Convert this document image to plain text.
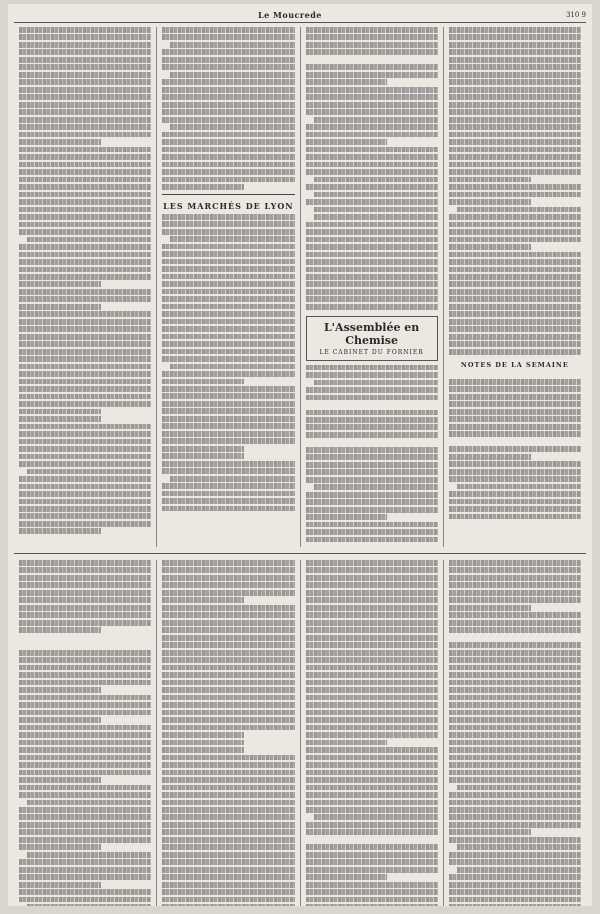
Le Moucrede	310 9
LES MARCHÉS DE LYON
L'Assemblée en Chemise
LE CABINET DU FORNIER
NOTES DE LA SEMAINE
